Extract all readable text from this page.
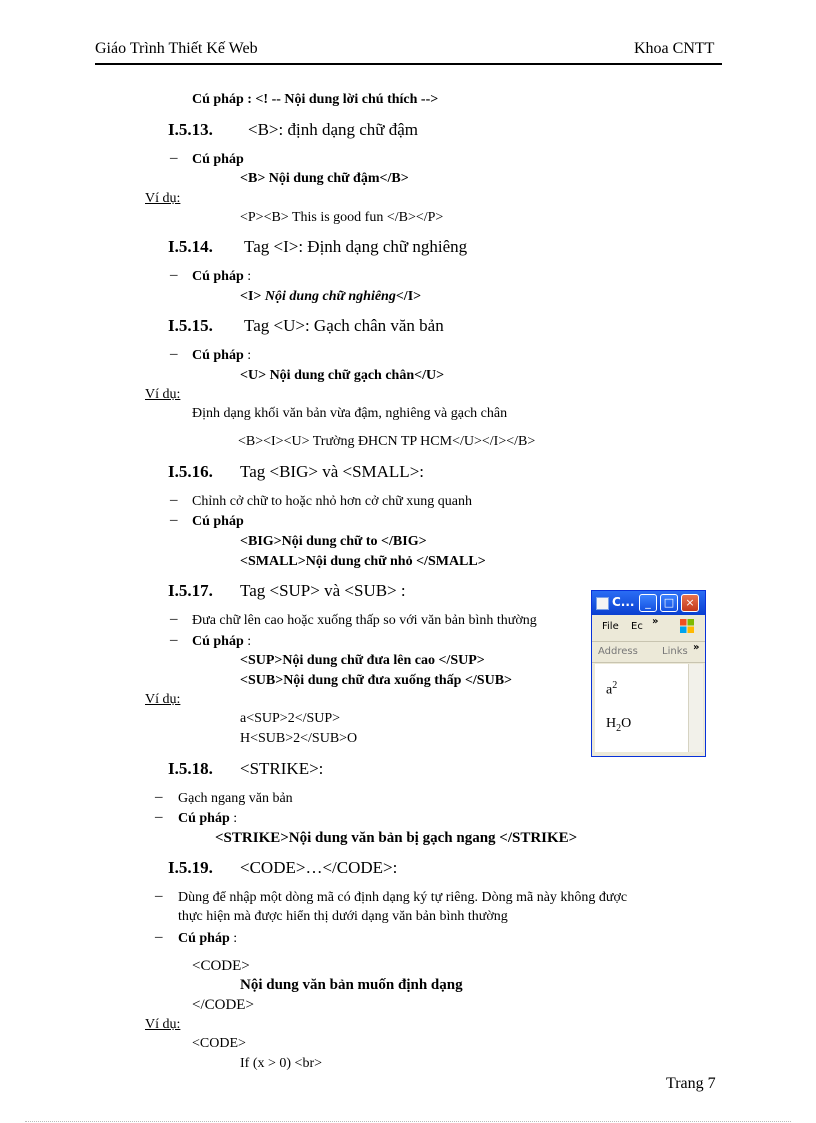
Giáo Trình Thiết Kế Web	Khoa CNTT
Cú pháp : <! -- Nội dung lời chú thích -->
I.5.13. <B>: định dạng chữ đậm
– Cú pháp
<B> Nội dung chữ đậm</B>
Ví dụ:
<P><B> This is good fun </B></P>
I.5.14. Tag <I>: Định dạng chữ nghiêng
– Cú pháp :
<I> Nội dung chữ nghiêng</I>
I.5.15. Tag <U>: Gạch chân văn bản
– Cú pháp :
<U> Nội dung chữ gạch chân</U>
Ví dụ:
Định dạng khối văn bản vừa đậm, nghiêng và gạch chân
<B><I><U> Trường ĐHCN TP HCM</U></I></B>
I.5.16. Tag <BIG> và <SMALL>:
– Chỉnh cở chữ to hoặc nhỏ hơn cở chữ xung quanh
– Cú pháp
<BIG>Nội dung chữ to </BIG>
<SMALL>Nội dung chữ nhỏ </SMALL>
I.5.17. Tag <SUP> và <SUB> :
– Đưa chữ lên cao hoặc xuống thấp so với văn bản bình thường
– Cú pháp :
<SUP>Nội dung chữ đưa lên cao </SUP>
<SUB>Nội dung chữ đưa xuống thấp </SUB>
Ví dụ:
a<SUP>2</SUP>
H<SUB>2</SUB>O
C... _	□	×
File Ec »
Address Links »
$a^2$
$H_2O$
I.5.18. <STRIKE>:
– Gạch ngang văn bản
– Cú pháp :
<STRIKE>Nội dung văn bản bị gạch ngang </STRIKE>
I.5.19. <CODE>…</CODE>:
– Dùng để nhập một dòng mã có định dạng ký tự riêng. Dòng mã này không được
thực hiện mà được hiển thị dưới dạng văn bản bình thường
– Cú pháp :
<CODE>
Nội dung văn bản muốn định dạng
</CODE>
Ví dụ:
<CODE>
If (x > 0) <br>
Trang 7
